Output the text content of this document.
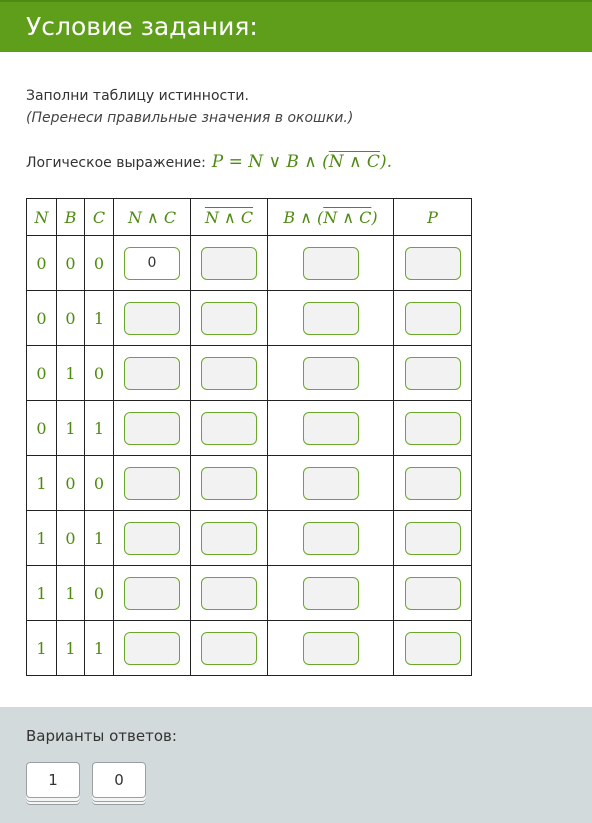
Условие задания:
Заполни таблицу истинности.
(Перенеси правильные значения в окошки.)
Логическое выражение: P = N ∨ B ∧ (N ∧ C).
N	B	C	N ∧ C	N ∧ C	B ∧ (N ∧ C)	P
0	0	0	0			
0	0	1				
0	1	0				
0	1	1				
1	0	0				
1	0	1				
1	1	0				
1	1	1				
Варианты ответов:
1	0
